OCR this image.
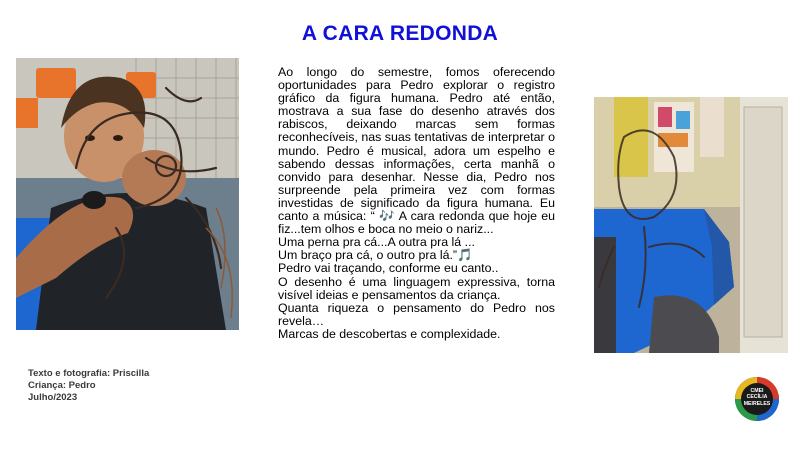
A CARA REDONDA

Ao longo do semestre, fomos oferecendo oportunidades para Pedro explorar o registro gráfico da figura humana. Pedro até então, mostrava a sua fase do desenho através dos rabiscos, deixando marcas sem formas reconhecíveis, nas suas tentativas de interpretar o mundo. Pedro é musical, adora um espelho e sabendo dessas informações, certa manhã o convido para desenhar. Nesse dia, Pedro nos surpreende pela primeira vez com formas investidas de significado da figura humana. Eu canto a música: “ 🎶 A cara redonda que hoje eu fiz...tem olhos e boca no meio o nariz...

Uma perna pra cá...A outra pra lá ...

Um braço pra cá, o outro pra lá.”🎵

Pedro vai traçando, conforme eu canto..

O desenho é uma linguagem expressiva, torna visível ideias e pensamentos da criança.

Quanta riqueza o pensamento do Pedro nos revela…

Marcas de descobertas e complexidade.

Texto e fotografia: Priscilla
Criança: Pedro
Julho/2023
CMEI
CECÍLIA
MEIRELES
